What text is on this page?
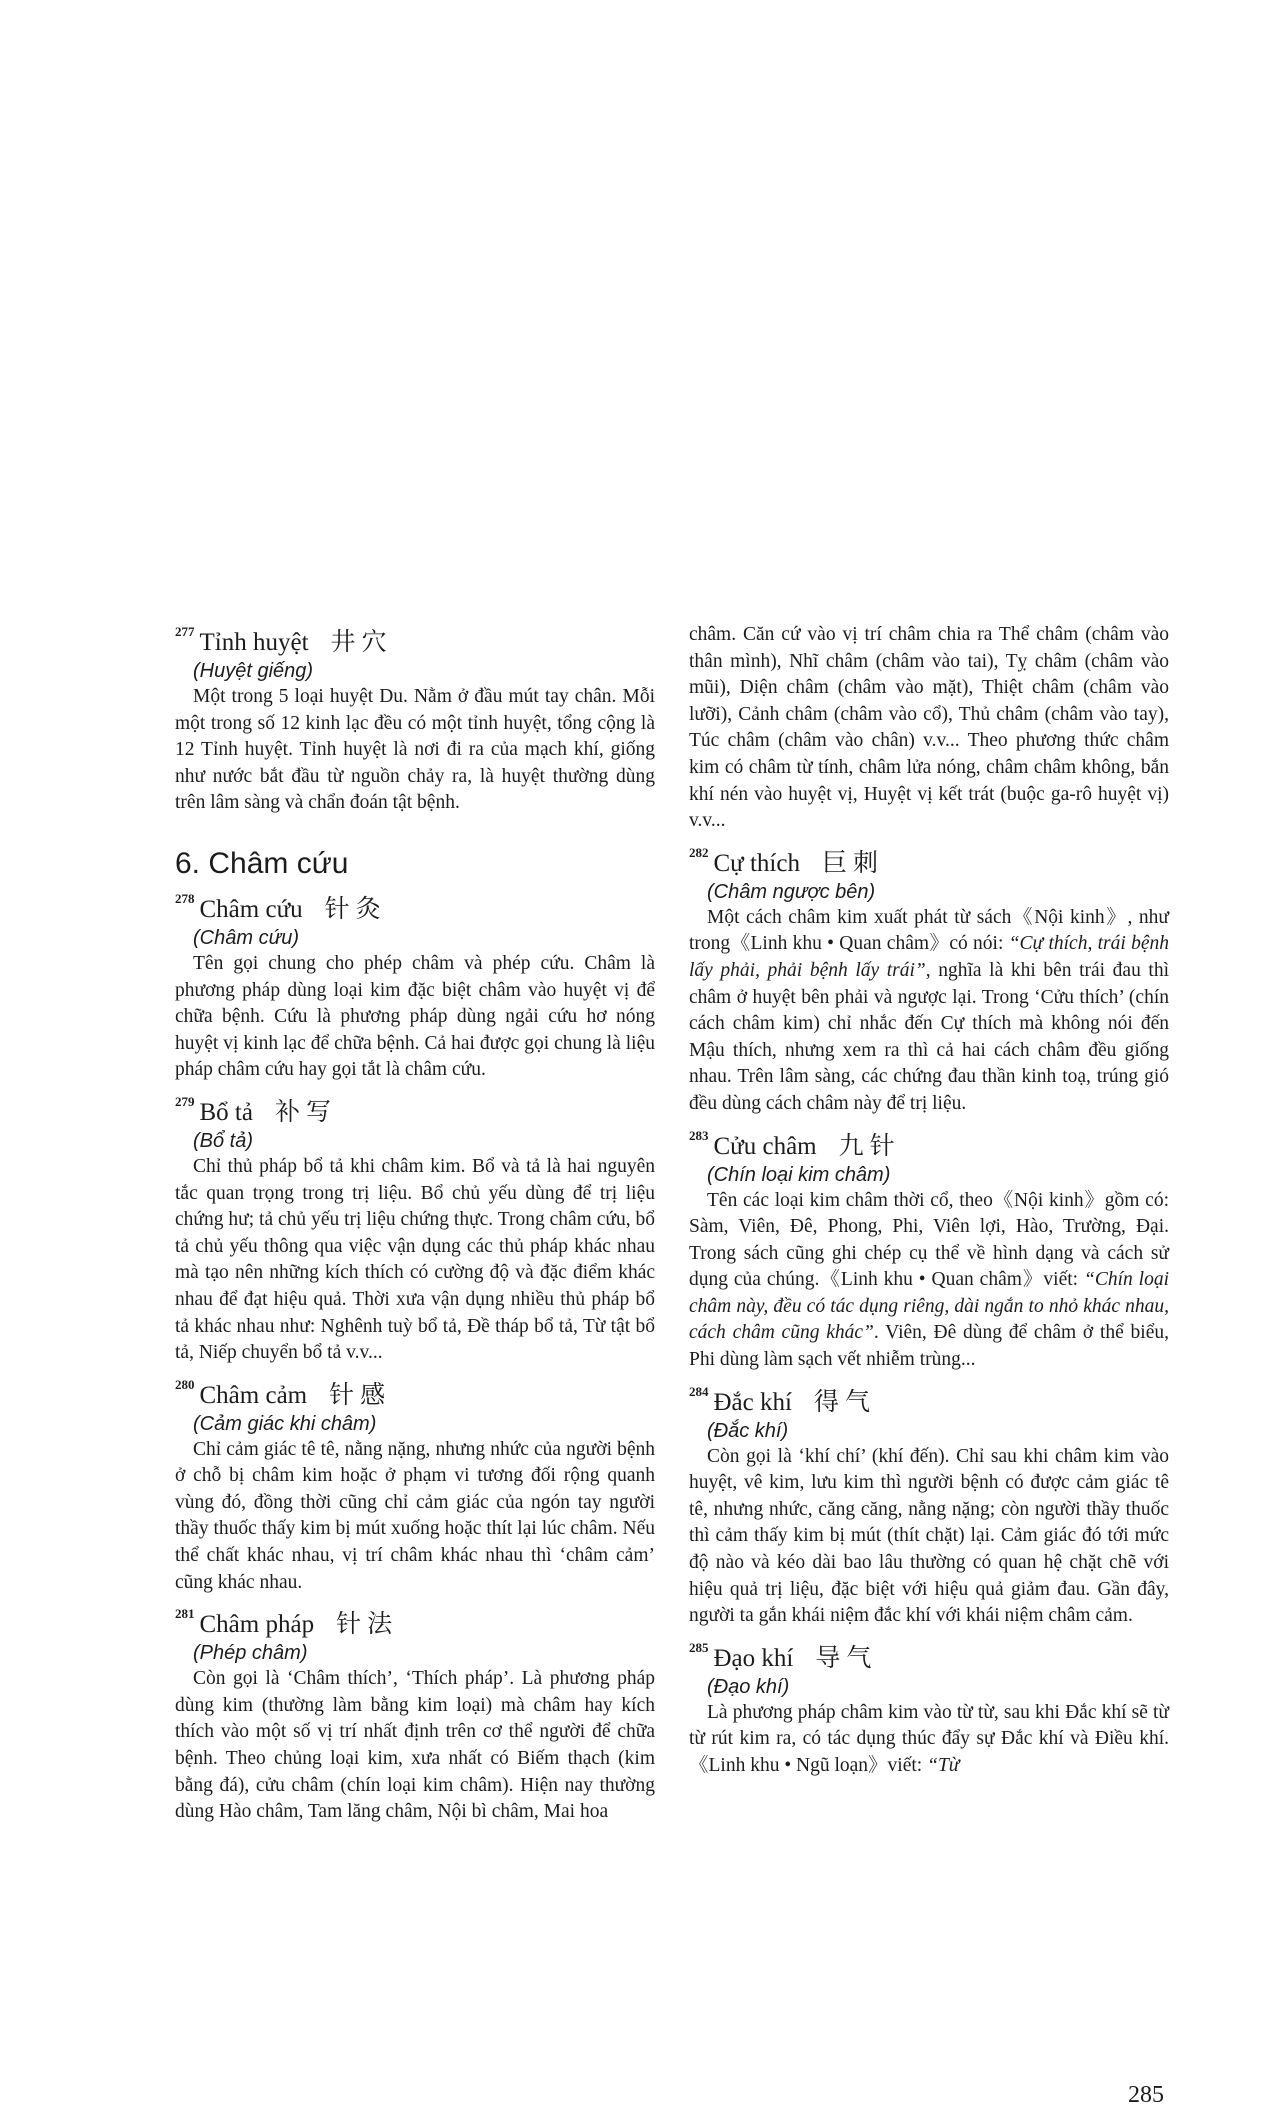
277 Tỉnh huyệt 井穴
(Huyệt giếng)

Một trong 5 loại huyệt Du. Nằm ở đầu mút tay chân. Mỗi một trong số 12 kinh lạc đều có một tỉnh huyệt, tổng cộng là 12 Tỉnh huyệt. Tỉnh huyệt là nơi đi ra của mạch khí, giống như nước bắt đầu từ nguồn chảy ra, là huyệt thường dùng trên lâm sàng và chẩn đoán tật bệnh.

6. Châm cứu
278 Châm cứu 针灸
(Châm cứu)

Tên gọi chung cho phép châm và phép cứu. Châm là phương pháp dùng loại kim đặc biệt châm vào huyệt vị để chữa bệnh. Cứu là phương pháp dùng ngải cứu hơ nóng huyệt vị kinh lạc để chữa bệnh. Cả hai được gọi chung là liệu pháp châm cứu hay gọi tắt là châm cứu.

279 Bổ tả 补写
(Bổ tả)

Chỉ thủ pháp bổ tả khi châm kim. Bổ và tả là hai nguyên tắc quan trọng trong trị liệu. Bổ chủ yếu dùng để trị liệu chứng hư; tả chủ yếu trị liệu chứng thực. Trong châm cứu, bổ tả chủ yếu thông qua việc vận dụng các thủ pháp khác nhau mà tạo nên những kích thích có cường độ và đặc điểm khác nhau để đạt hiệu quả. Thời xưa vận dụng nhiều thủ pháp bổ tả khác nhau như: Nghênh tuỳ bổ tả, Đề tháp bổ tả, Từ tật bổ tả, Niếp chuyển bổ tả v.v...

280 Châm cảm 针感
(Cảm giác khi châm)

Chỉ cảm giác tê tê, nằng nặng, nhưng nhức của người bệnh ở chỗ bị châm kim hoặc ở phạm vi tương đối rộng quanh vùng đó, đồng thời cũng chỉ cảm giác của ngón tay người thầy thuốc thấy kim bị mút xuống hoặc thít lại lúc châm. Nếu thể chất khác nhau, vị trí châm khác nhau thì ‘châm cảm’ cũng khác nhau.

281 Châm pháp 针法
(Phép châm)

Còn gọi là ‘Châm thích’, ‘Thích pháp’. Là phương pháp dùng kim (thường làm bằng kim loại) mà châm hay kích thích vào một số vị trí nhất định trên cơ thể người để chữa bệnh. Theo chủng loại kim, xưa nhất có Biếm thạch (kim bằng đá), cửu châm (chín loại kim châm). Hiện nay thường dùng Hào châm, Tam lăng châm, Nội bì châm, Mai hoa

châm. Căn cứ vào vị trí châm chia ra Thể châm (châm vào thân mình), Nhĩ châm (châm vào tai), Tỵ châm (châm vào mũi), Diện châm (châm vào mặt), Thiệt châm (châm vào lưỡi), Cảnh châm (châm vào cổ), Thủ châm (châm vào tay), Túc châm (châm vào chân) v.v... Theo phương thức châm kim có châm từ tính, châm lửa nóng, châm châm không, bắn khí nén vào huyệt vị, Huyệt vị kết trát (buộc ga-rô huyệt vị) v.v...

282 Cự thích 巨刺
(Châm ngược bên)

Một cách châm kim xuất phát từ sách《Nội kinh》, như trong《Linh khu • Quan châm》có nói: “Cự thích, trái bệnh lấy phải, phải bệnh lấy trái”, nghĩa là khi bên trái đau thì châm ở huyệt bên phải và ngược lại. Trong ‘Cửu thích’ (chín cách châm kim) chỉ nhắc đến Cự thích mà không nói đến Mậu thích, nhưng xem ra thì cả hai cách châm đều giống nhau. Trên lâm sàng, các chứng đau thần kinh toạ, trúng gió đều dùng cách châm này để trị liệu.

283 Cửu châm 九针
(Chín loại kim châm)

Tên các loại kim châm thời cổ, theo《Nội kinh》gồm có: Sàm, Viên, Đê, Phong, Phi, Viên lợi, Hào, Trường, Đại. Trong sách cũng ghi chép cụ thể về hình dạng và cách sử dụng của chúng.《Linh khu • Quan châm》viết: “Chín loại châm này, đều có tác dụng riêng, dài ngắn to nhỏ khác nhau, cách châm cũng khác”. Viên, Đê dùng để châm ở thể biểu, Phi dùng làm sạch vết nhiễm trùng...

284 Đắc khí 得气
(Đắc khí)

Còn gọi là ‘khí chí’ (khí đến). Chỉ sau khi châm kim vào huyệt, vê kim, lưu kim thì người bệnh có được cảm giác tê tê, nhưng nhức, căng căng, nằng nặng; còn người thầy thuốc thì cảm thấy kim bị mút (thít chặt) lại. Cảm giác đó tới mức độ nào và kéo dài bao lâu thường có quan hệ chặt chẽ với hiệu quả trị liệu, đặc biệt với hiệu quả giảm đau. Gần đây, người ta gắn khái niệm đắc khí với khái niệm châm cảm.

285 Đạo khí 导气
(Đạo khí)

Là phương pháp châm kim vào từ từ, sau khi Đắc khí sẽ từ từ rút kim ra, có tác dụng thúc đẩy sự Đắc khí và Điều khí.《Linh khu • Ngũ loạn》viết: “Từ

285
